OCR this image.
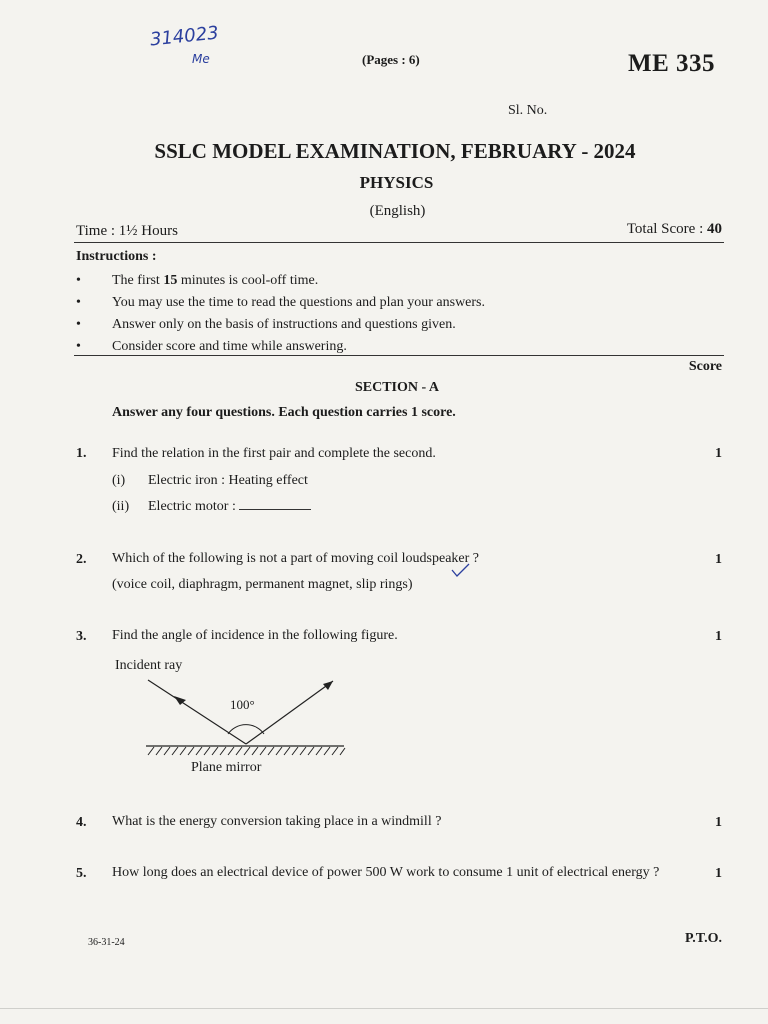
314023
Me	(Pages : 6)	ME 335
Sl. No.
SSLC MODEL EXAMINATION, FEBRUARY - 2024
PHYSICS
(English)
Time : 1½ Hours	Total Score : 40
Instructions :
• The first 15 minutes is cool-off time.
• You may use the time to read the questions and plan your answers.
• Answer only on the basis of instructions and questions given.
• Consider score and time while answering.
Score
SECTION - A
Answer any four questions. Each question carries 1 score.
1. Find the relation in the first pair and complete the second.	1
(i) Electric iron : Heating effect
(ii) Electric motor :
2. Which of the following is not a part of moving coil loudspeaker ?
(voice coil, diaphragm, permanent magnet, slip rings)
1
3. Find the angle of incidence in the following figure.	1
Incident ray
100°
Plane mirror
4. What is the energy conversion taking place in a windmill ?	1
5. How long does an electrical device of power 500 W work to consume 1 unit of electrical energy ?	1
36-31-24	P.T.O.
